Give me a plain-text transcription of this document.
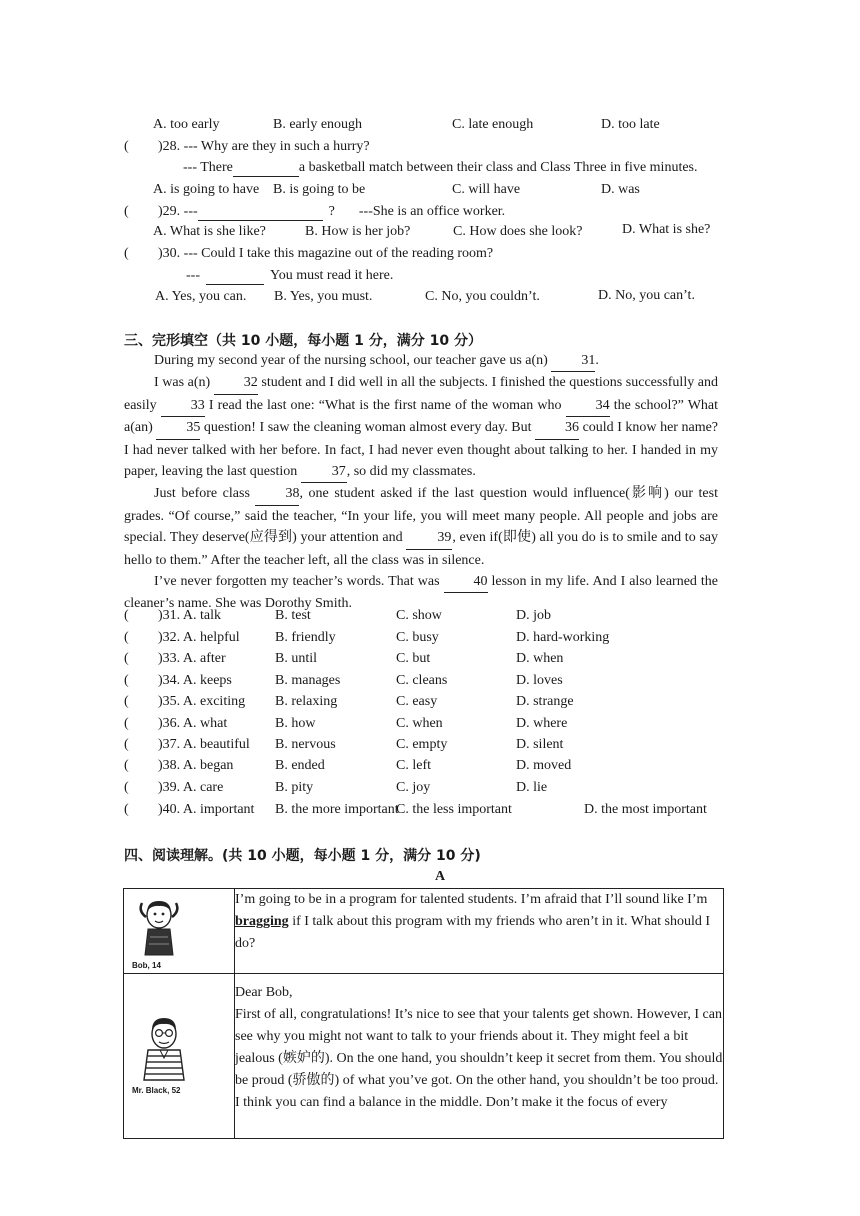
A. too early	B. early enough	C. late enough	D. too late
( )28. --- Why are they in such a hurry?
--- There	a basketball match between their class and Class Three in five minutes.
A. is going to have B. is going to be	C. will have	D. was
( )29. ---	? ---She is an office worker.
A. What is she like?	B. How is her job?	C. How does she look?	D. What is she?
( )30. --- Could I take this magazine out of the reading room?
---	You must read it here.
A. Yes, you can. B. Yes, you must.	C. No, you couldn’t.	D. No, you can’t.
三、完形填空（共 10 小题，每小题 1 分，满分 10 分）

During my second year of the nursing school, our teacher gave us a(n) 31.

I was a(n) 32 student and I did well in all the subjects. I finished the questions successfully and easily 33 I read the last one: “What is the first name of the woman who 34 the school?” What a(an) 35 question! I saw the cleaning woman almost every day. But 36 could I know her name? I had never talked with her before. In fact, I had never even thought about talking to her. I handed in my paper, leaving the last question 37, so did my classmates.

Just before class	38, one student asked if the last question would influence(影响) our test grades. “Of course,” said the teacher, “In your life, you will meet many people. All people and jobs are special. They deserve(应得到) your attention and 39, even if(即使) all you do is to smile and to say hello to them.” After the teacher left, all the class was in silence.

I’ve never forgotten my teacher’s words. That was 40 lesson in my life. And I also learned the cleaner’s name. She was Dorothy Smith.

( )31. A. talk	B. test	C. show	D. job
( )32. A. helpful	B. friendly	C. busy	D. hard-working
( )33. A. after	B. until	C. but	D. when
( )34. A. keeps	B. manages	C. cleans	D. loves
( )35. A. exciting B. relaxing	C. easy	D. strange
( )36. A. what	B. how	C. when	D. where
( )37. A. beautiful B. nervous	C. empty	D. silent
( )38. A. began	B. ended	C. left	D. moved
( )39. A. care	B. pity	C. joy	D. lie
( )40. A. important B. the more important
C. the less important	D. the most important
四、阅读理解。(共 10 小题，每小题 1 分，满分 10 分)
A
Bob, 14	I’m going to be in a program for talented students. I’m afraid that I’ll sound like I’m bragging if I talk about this program with my friends who aren’t in it. What should I do?

Mr. Black, 52	Dear Bob,
First of all, congratulations! It’s nice to see that your talents get shown. However, I can see why you might not want to talk to your friends about it. They might feel a bit jealous (嫉妒的). On the one hand, you shouldn’t keep it secret from them. You should be proud (骄傲的) of what you’ve got. On the other hand, you shouldn’t be too proud.
I think you can find a balance in the middle. Don’t make it the focus of every
